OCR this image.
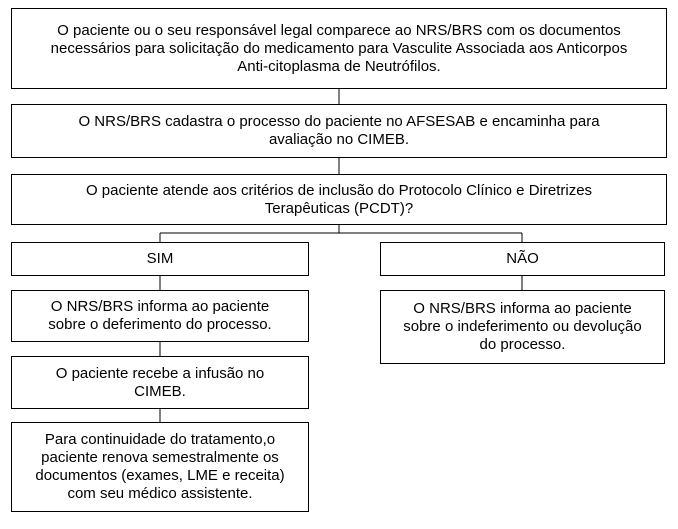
O paciente ou o seu responsável legal comparece ao NRS/BRS com os documentos necessários para solicitação do medicamento para Vasculite Associada aos Anticorpos Anti-citoplasma de Neutrófilos.
O NRS/BRS cadastra o processo do paciente no AFSESAB e encaminha para avaliação no CIMEB.
O paciente atende aos critérios de inclusão do Protocolo Clínico e Diretrizes Terapêuticas (PCDT)?
SIM	NÃO
O NRS/BRS informa ao paciente sobre o deferimento do processo.
O NRS/BRS informa ao paciente sobre o indeferimento ou devolução do processo.
O paciente recebe a infusão no CIMEB.
Para continuidade do tratamento,o paciente renova semestralmente os documentos (exames, LME e receita) com seu médico assistente.
